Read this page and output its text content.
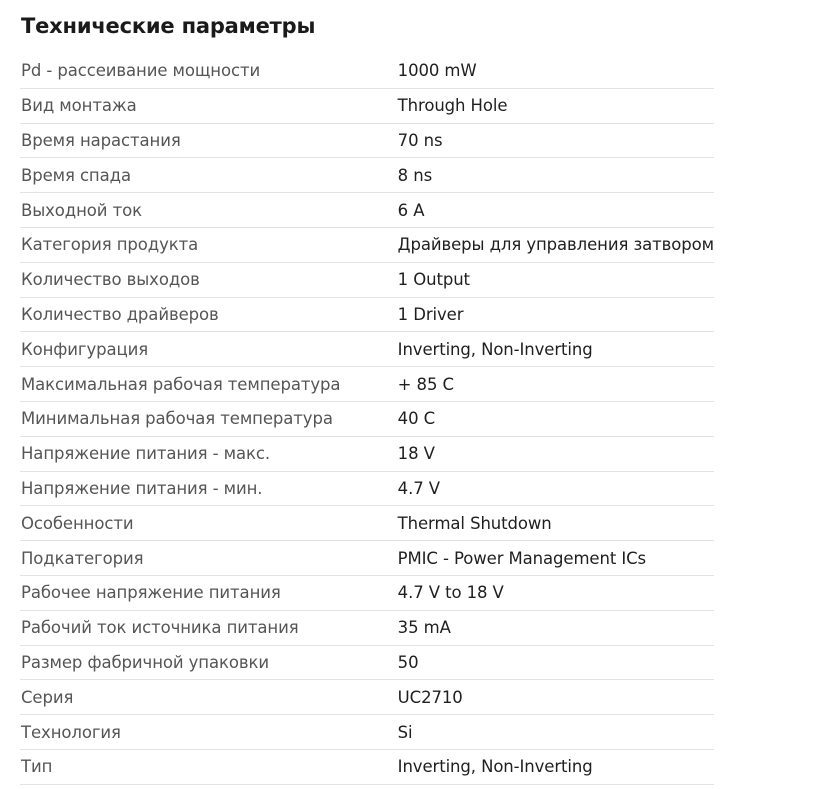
Технические параметры
Pd - рассеивание мощности	1000 mW
Вид монтажа	Through Hole
Время нарастания	70 ns
Время спада	8 ns
Выходной ток	6 A
Категория продукта	Драйверы для управления затвором
Количество выходов	1 Output
Количество драйверов	1 Driver
Конфигурация	Inverting, Non-Inverting
Максимальная рабочая температура	+ 85 C
Минимальная рабочая температура	40 C
Напряжение питания - макс.	18 V
Напряжение питания - мин.	4.7 V
Особенности	Thermal Shutdown
Подкатегория	PMIC - Power Management ICs
Рабочее напряжение питания	4.7 V to 18 V
Рабочий ток источника питания	35 mA
Размер фабричной упаковки	50
Серия	UC2710
Технология	Si
Тип	Inverting, Non-Inverting
